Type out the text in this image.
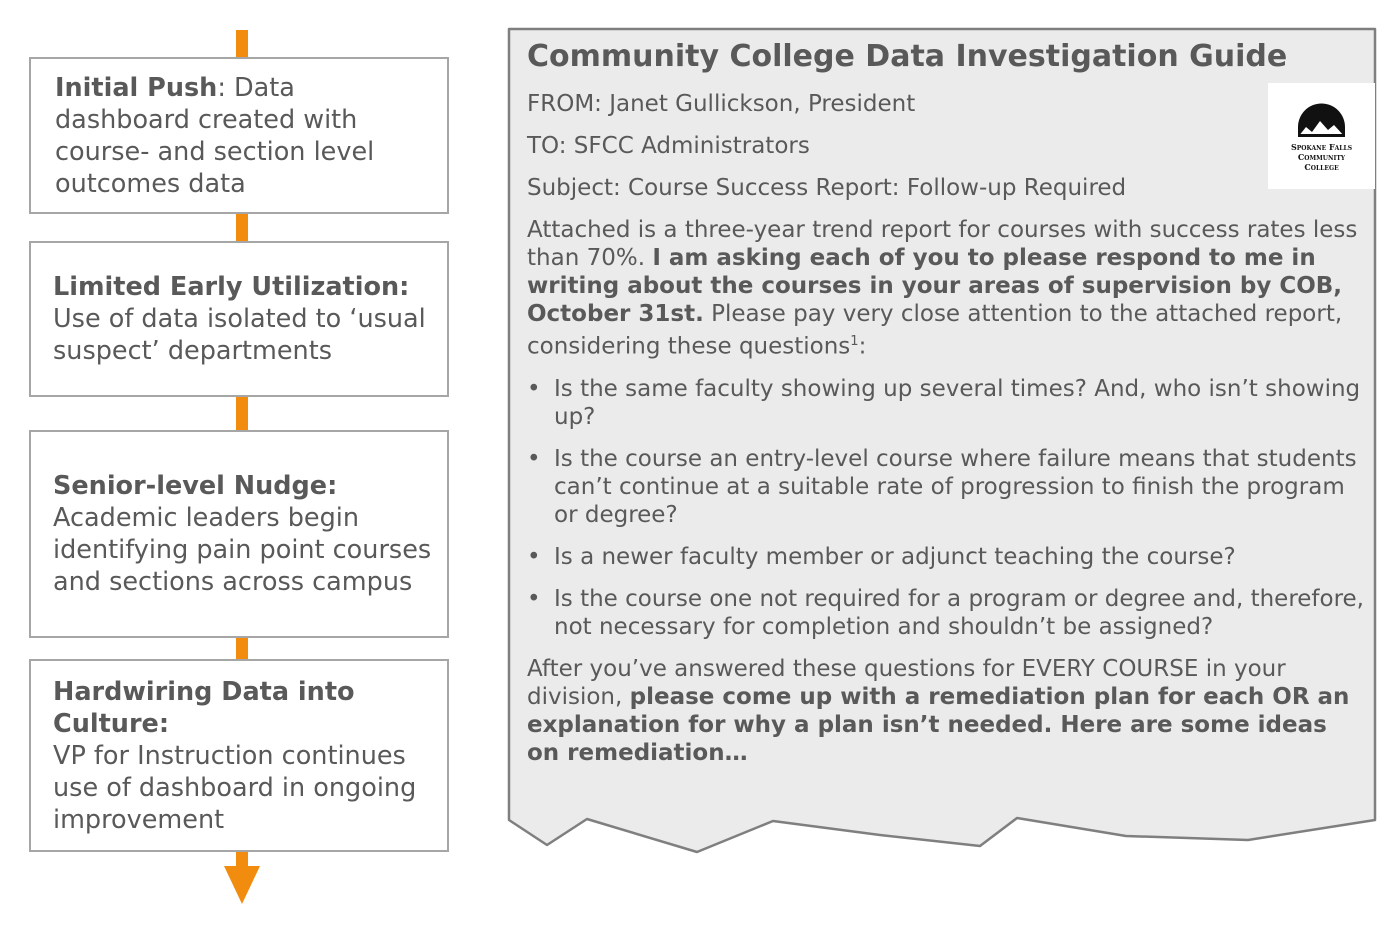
Initial Push: Data dashboard created with course- and section level outcomes data
Limited Early Utilization:
Use of data isolated to ‘usual suspect’ departments
Senior-level Nudge:
Academic leaders begin identifying pain point courses and sections across campus
Hardwiring Data into Culture:
VP for Instruction continues use of dashboard in ongoing improvement
Community College Data Investigation Guide
FROM: Janet Gullickson, President
TO: SFCC Administrators
Subject: Course Success Report: Follow-up Required
Attached is a three-year trend report for courses with success rates less than 70%. I am asking each of you to please respond to me in writing about the courses in your areas of supervision by COB, October 31st. Please pay very close attention to the attached report, considering these questions$^1$:
• Is the same faculty showing up several times? And, who isn’t showing up?
• Is the course an entry-level course where failure means that students can’t continue at a suitable rate of progression to finish the program or degree?
• Is a newer faculty member or adjunct teaching the course?
• Is the course one not required for a program or degree and, therefore, not necessary for completion and shouldn’t be assigned?
After you’ve answered these questions for EVERY COURSE in your division, please come up with a remediation plan for each OR an explanation for why a plan isn’t needed. Here are some ideas on remediation…
Spokane Falls
Community
College
